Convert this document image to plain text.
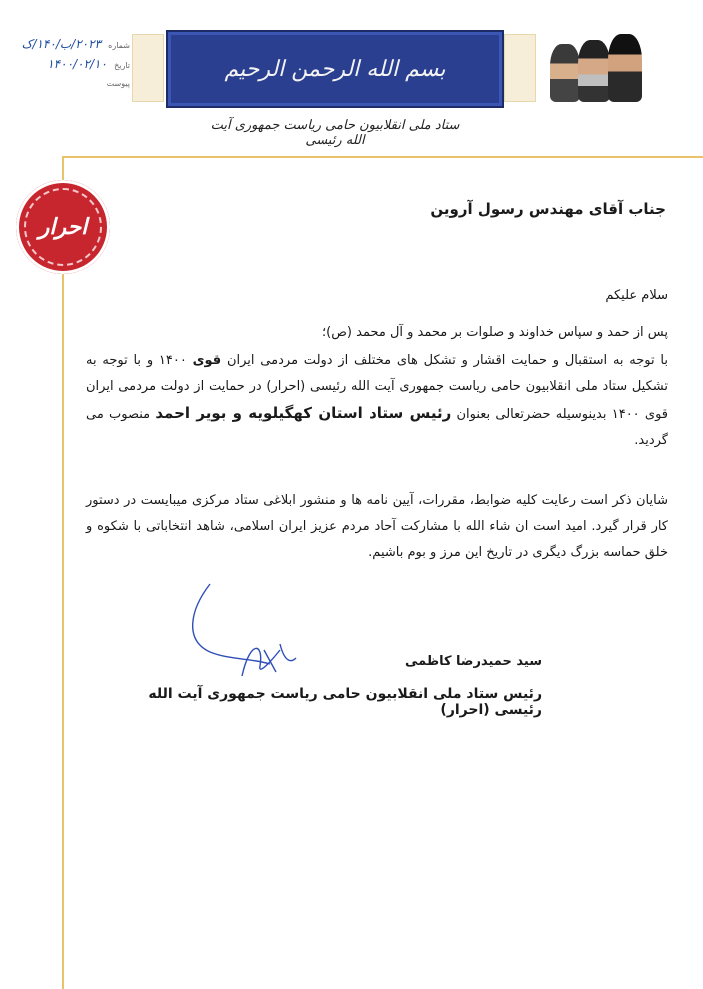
شماره ۲۰۲۳/ب/۱۴۰/ک
تاریخ ۱۴۰۰/۰۲/۱۰
پیوست
بسم الله الرحمن الرحیم
ستاد ملی انقلابیون حامی ریاست جمهوری آیت الله رئیسی
احرار
جناب آقای مهندس رسول آروین
سلام علیکم
پس از حمد و سپاس خداوند و صلوات بر محمد و آل محمد (ص)؛
با توجه به استقبال و حمایت اقشار و تشکل های مختلف از دولت مردمی ایران قوی ۱۴۰۰ و با توجه به تشکیل ستاد ملی انقلابیون حامی ریاست جمهوری آیت الله رئیسی (احرار) در حمایت از دولت مردمی ایران قوی ۱۴۰۰ بدینوسیله حضرتعالی بعنوان رئیس ستاد استان کهگیلویه و بویر احمد منصوب می گردید.
شایان ذکر است رعایت کلیه ضوابط، مقررات، آیین نامه ها و منشور ابلاغی ستاد مرکزی میبایست در دستور کار قرار گیرد. امید است ان شاء الله با مشارکت آحاد مردم عزیز ایران اسلامی، شاهد انتخاباتی با شکوه و خلق حماسه بزرگ دیگری در تاریخ این مرز و بوم باشیم.
سید حمیدرضا کاظمی
رئیس ستاد ملی انقلابیون حامی ریاست جمهوری آیت الله رئیسی (احرار)
